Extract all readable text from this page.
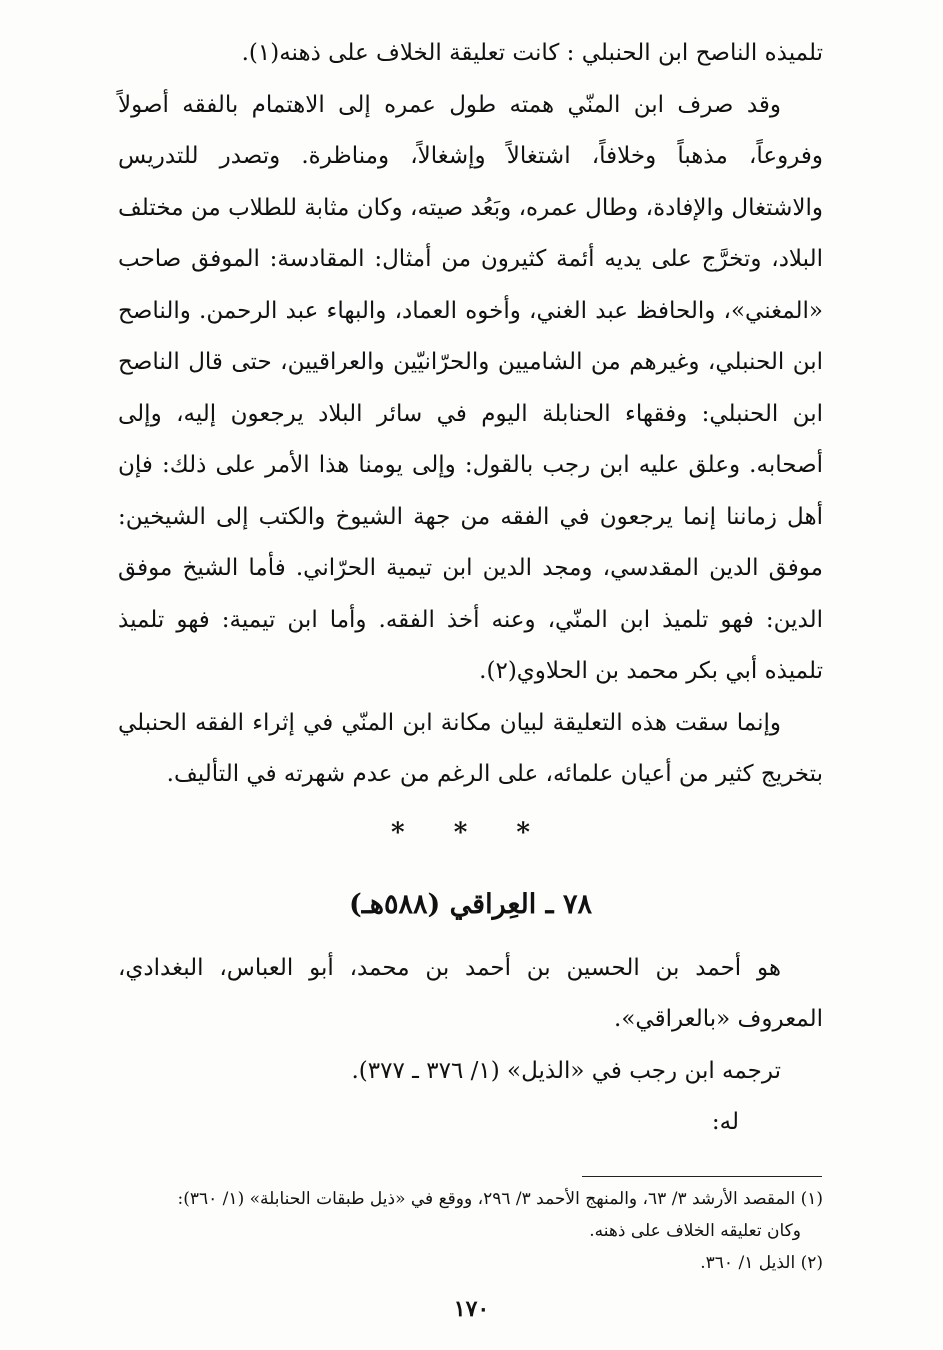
تلميذه الناصح ابن الحنبلي : كانت تعليقة الخلاف على ذهنه(١).

وقد صرف ابن المنّي همته طول عمره إلى الاهتمام بالفقه أصولاً وفروعاً، مذهباً وخلافاً، اشتغالاً وإشغالاً، ومناظرة. وتصدر للتدريس والاشتغال والإفادة، وطال عمره، وبَعُد صيته، وكان مثابة للطلاب من مختلف البلاد، وتخرَّج على يديه أئمة كثيرون من أمثال: المقادسة: الموفق صاحب «المغني»، والحافظ عبد الغني، وأخوه العماد، والبهاء عبد الرحمن. والناصح ابن الحنبلي، وغيرهم من الشاميين والحرّانيّين والعراقيين، حتى قال الناصح ابن الحنبلي: وفقهاء الحنابلة اليوم في سائر البلاد يرجعون إليه، وإلى أصحابه. وعلق عليه ابن رجب بالقول: وإلى يومنا هذا الأمر على ذلك: فإن أهل زماننا إنما يرجعون في الفقه من جهة الشيوخ والكتب إلى الشيخين: موفق الدين المقدسي، ومجد الدين ابن تيمية الحرّاني. فأما الشيخ موفق الدين: فهو تلميذ ابن المنّي، وعنه أخذ الفقه. وأما ابن تيمية: فهو تلميذ تلميذه أبي بكر محمد بن الحلاوي(٢).

وإنما سقت هذه التعليقة لبيان مكانة ابن المنّي في إثراء الفقه الحنبلي بتخريج كثير من أعيان علمائه، على الرغم من عدم شهرته في التأليف.

* * *
٧٨ ـ العِراقي (٥٨٨هـ)

هو أحمد بن الحسين بن أحمد بن محمد، أبو العباس، البغدادي، المعروف «بالعراقي».

ترجمه ابن رجب في «الذيل» (١/ ٣٧٦ ـ ٣٧٧).

له:

(١) المقصد الأرشد ٣/ ٦٣، والمنهج الأحمد ٣/ ٢٩٦، ووقع في «ذيل طبقات الحنابلة» (١/ ٣٦٠):

وكان تعليقه الخلاف على ذهنه.

(٢) الذيل ١/ ٣٦٠.

١٧٠
